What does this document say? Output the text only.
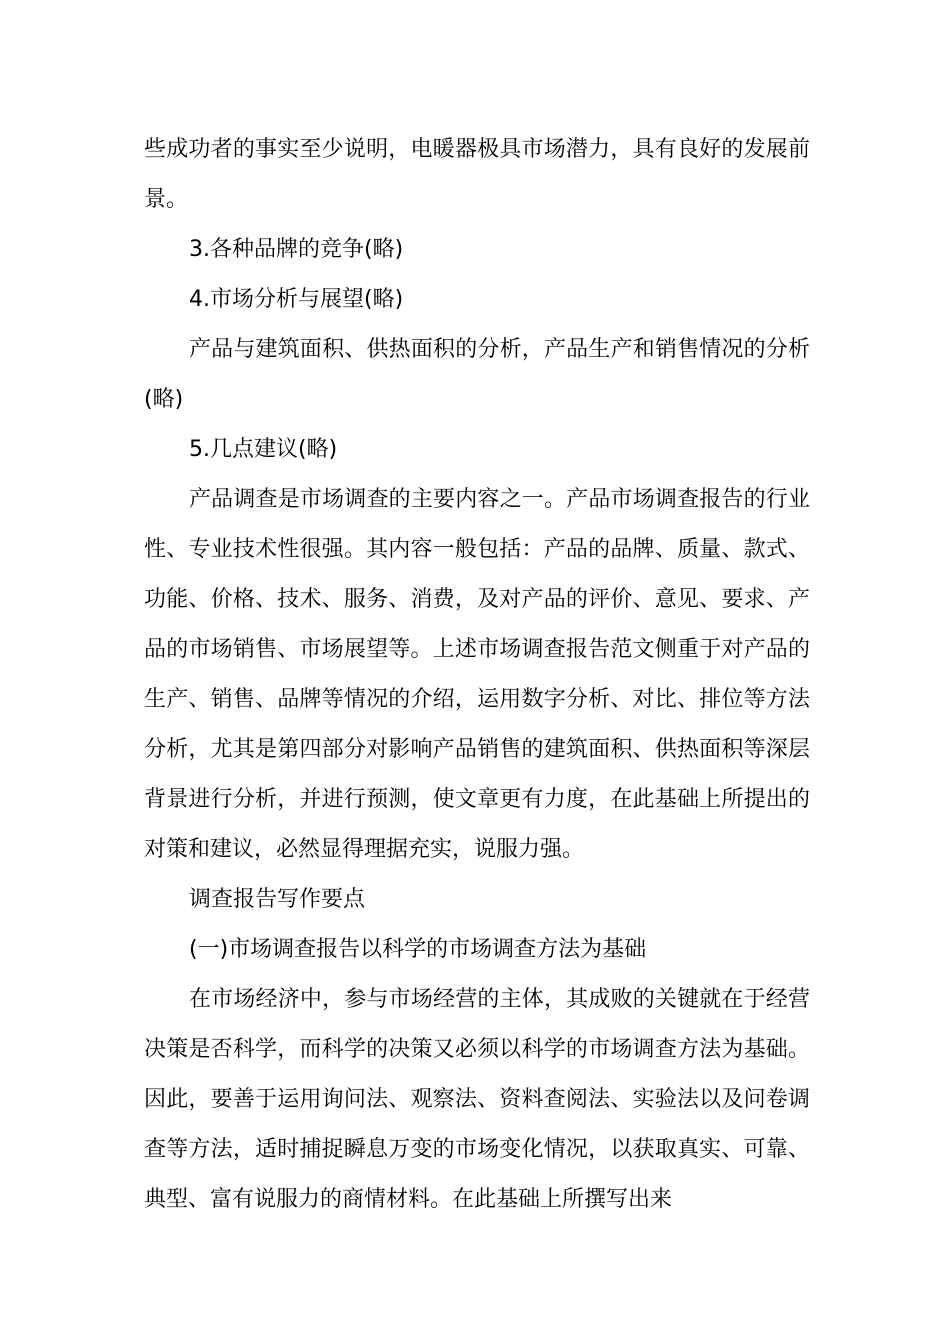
些成功者的事实至少说明，电暖器极具市场潜力，具有良好的发展前景。

3.各种品牌的竞争(略)

4.市场分析与展望(略)

产品与建筑面积、供热面积的分析，产品生产和销售情况的分析(略)

5.几点建议(略)

产品调查是市场调查的主要内容之一。产品市场调查报告的行业性、专业技术性很强。其内容一般包括：产品的品牌、质量、款式、功能、价格、技术、服务、消费，及对产品的评价、意见、要求、产品的市场销售、市场展望等。上述市场调查报告范文侧重于对产品的生产、销售、品牌等情况的介绍，运用数字分析、对比、排位等方法分析，尤其是第四部分对影响产品销售的建筑面积、供热面积等深层背景进行分析，并进行预测，使文章更有力度，在此基础上所提出的对策和建议，必然显得理据充实，说服力强。

调查报告写作要点

(一)市场调查报告以科学的市场调查方法为基础

在市场经济中，参与市场经营的主体，其成败的关键就在于经营决策是否科学，而科学的决策又必须以科学的市场调查方法为基础。因此，要善于运用询问法、观察法、资料查阅法、实验法以及问卷调查等方法，适时捕捉瞬息万变的市场变化情况，以获取真实、可靠、典型、富有说服力的商情材料。在此基础上所撰写出来
